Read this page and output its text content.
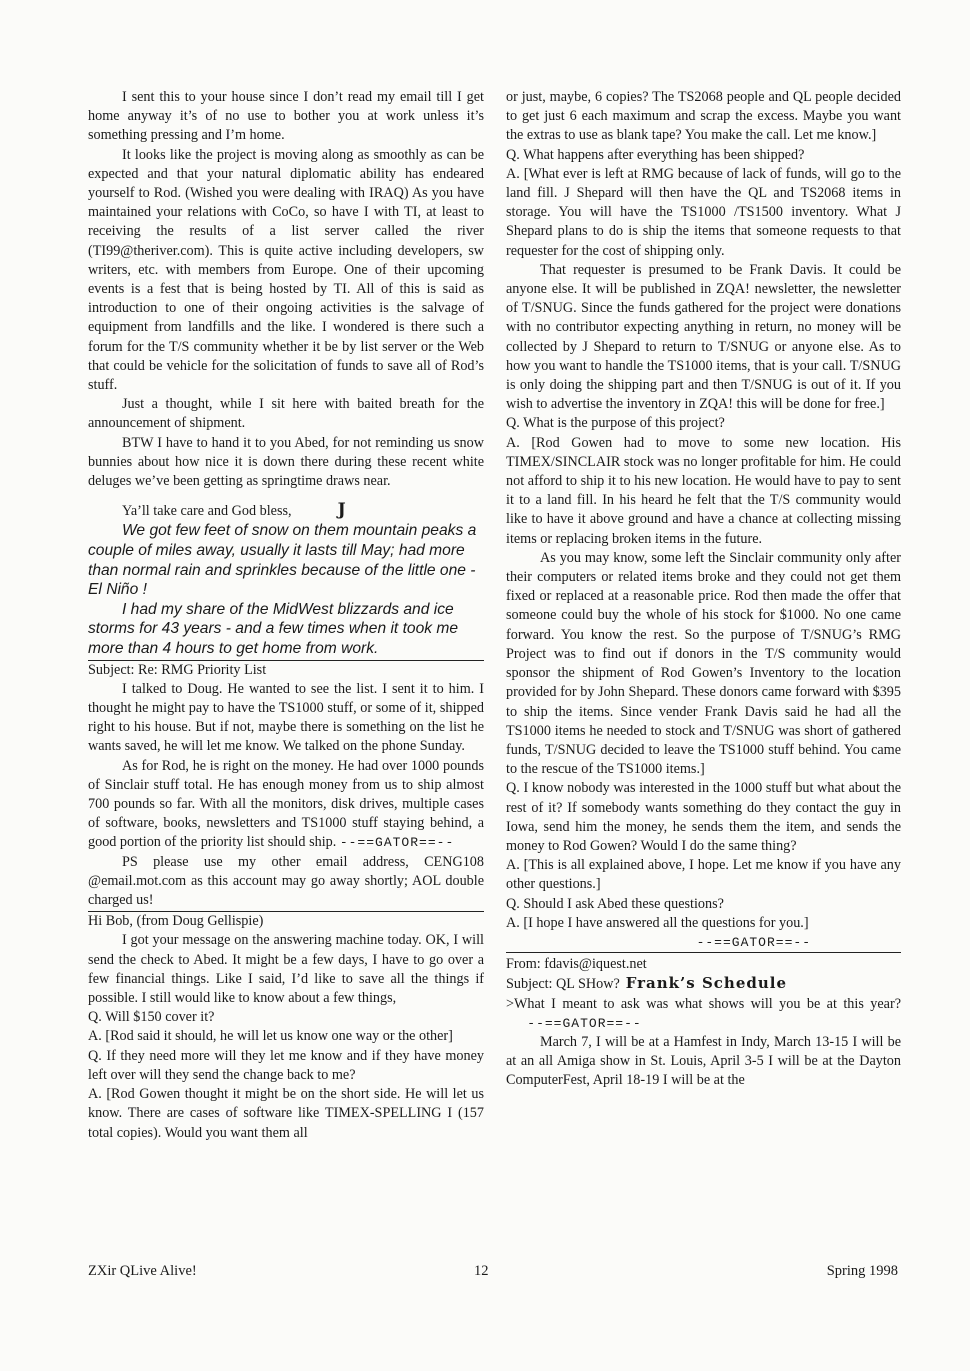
I sent this to your house since I don’t read my email till I get home anyway it’s of no use to bother you at work unless it’s something pressing and I’m home.

It looks like the project is moving along as smoothly as can be expected and that your natural diplomatic ability has endeared yourself to Rod. (Wished you were dealing with IRAQ) As you have maintained your relations with CoCo, so have I with TI, at least to receiving the results of a list server called the river (TI99@theriver.com). This is quite active including developers, sw writers, etc. with members from Europe. One of their upcoming events is a fest that is being hosted by TI. All of this is said as introduction to one of their ongoing activities is the salvage of equipment from landfills and the like. I wondered is there such a forum for the T/S community whether it be by list server or the Web that could be vehicle for the solicitation of funds to save all of Rod’s stuff.

Just a thought, while I sit here with baited breath for the announcement of shipment.

BTW I have to hand it to you Abed, for not reminding us snow bunnies about how nice it is down there during these recent white deluges we’ve been getting as springtime draws near.

Ya’ll take care and God bless,	J

We got few feet of snow on them mountain peaks a couple of miles away, usually it lasts till May; had more than normal rain and sprinkles because of the little one - El Niño !

I had my share of the MidWest blizzards and ice storms for 43 years - and a few times when it took me more than 4 hours to get home from work.

Subject: Re: RMG Priority List

I talked to Doug. He wanted to see the list. I sent it to him. I thought he might pay to have the TS1000 stuff, or some of it, shipped right to his house. But if not, maybe there is something on the list he wants saved, he will let me know. We talked on the phone Sunday.

As for Rod, he is right on the money. He had over 1000 pounds of Sinclair stuff total. He has enough money from us to ship almost 700 pounds so far. With all the monitors, disk drives, multiple cases of software, books, newsletters and TS1000 stuff staying behind, a good portion of the priority list should ship. --==GATOR==--

PS please use my other email address, CENG108 @email.mot.com as this account may go away shortly; AOL double charged us!

Hi Bob, (from Doug Gellispie)

I got your message on the answering machine today. OK, I will send the check to Abed. It might be a few days, I have to go over a few financial things. Like I said, I’d like to save all the things if possible. I still would like to know about a few things,

Q. Will $150 cover it?

A. [Rod said it should, he will let us know one way or the other]

Q. If they need more will they let me know and if they have money left over will they send the change back to me?

A. [Rod Gowen thought it might be on the short side. He will let us know. There are cases of software like TIMEX-SPELLING I (157 total copies). Would you want them all

or just, maybe, 6 copies? The TS2068 people and QL people decided to get just 6 each maximum and scrap the excess. Maybe you want the extras to use as blank tape? You make the call. Let me know.]

Q. What happens after everything has been shipped?

A. [What ever is left at RMG because of lack of funds, will go to the land fill. J Shepard will then have the QL and TS2068 items in storage. You will have the TS1000 /TS1500 inventory. What J Shepard plans to do is ship the items that someone requests to that requester for the cost of shipping only.

That requester is presumed to be Frank Davis. It could be anyone else. It will be published in ZQA! newsletter, the newsletter of T/SNUG. Since the funds gathered for the project were donations with no contributor expecting anything in return, no money will be collected by J Shepard to return to T/SNUG or anyone else. As to how you want to handle the TS1000 items, that is your call. T/SNUG is only doing the shipping part and then T/SNUG is out of it. If you wish to advertise the inventory in ZQA! this will be done for free.]

Q. What is the purpose of this project?

A. [Rod Gowen had to move to some new location. His TIMEX/SINCLAIR stock was no longer profitable for him. He could not afford to ship it to his new location. He would have to pay to sent it to a land fill. In his heard he felt that the T/S community would like to have it above ground and have a chance at collecting missing items or replacing broken items in the future.

As you may know, some left the Sinclair community only after their computers or related items broke and they could not get them fixed or replaced at a reasonable price. Rod then made the offer that someone could buy the whole of his stock for $1000. No one came forward. You know the rest. So the purpose of T/SNUG’s RMG Project was to find out if donors in the T/S community would sponsor the shipment of Rod Gowen’s Inventory to the location provided for by John Shepard. These donors came forward with $395 to ship the items. Since vender Frank Davis said he had all the TS1000 items he needed to stock and T/SNUG was short of gathered funds, T/SNUG decided to leave the TS1000 stuff behind. You came to the rescue of the TS1000 items.]

Q. I know nobody was interested in the 1000 stuff but what about the rest of it? If somebody wants something do they contact the guy in Iowa, send him the money, he sends them the item, and sends the money to Rod Gowen? Would I do the same thing?

A. [This is all explained above, I hope. Let me know if you have any other questions.]

Q. Should I ask Abed these questions?

A. [I hope I have answered all the questions for you.]

--==GATOR==--

From: fdavis@iquest.net

Subject: QL SHow? Frank’s Schedule

>What I meant to ask was what shows will you be at this year?       --==GATOR==--

March 7, I will be at a Hamfest in Indy, March 13-15 I will be at an all Amiga show in St. Louis, April 3-5 I will be at the Dayton ComputerFest, April 18-19 I will be at the

ZXir QLive Alive!	12	Spring 1998
